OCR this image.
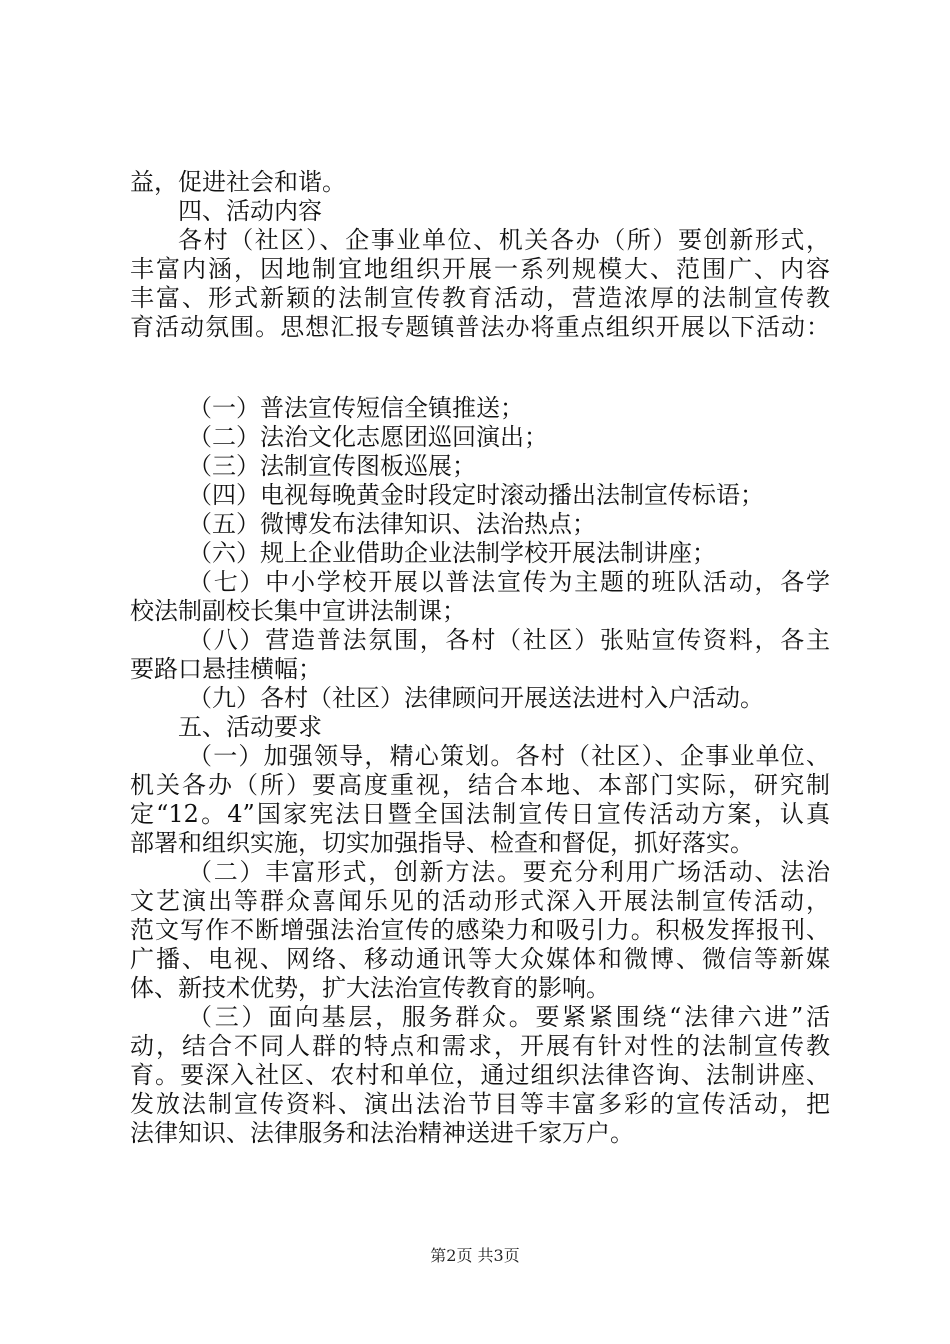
益，促进社会和谐。
四、活动内容
各村（社区）、企事业单位、机关各办（所）要创新形式，
丰富内涵，因地制宜地组织开展一系列规模大、范围广、内容
丰富、形式新颖的法制宣传教育活动，营造浓厚的法制宣传教
育活动氛围。思想汇报专题镇普法办将重点组织开展以下活动：
（一）普法宣传短信全镇推送；
（二）法治文化志愿团巡回演出；
（三）法制宣传图板巡展；
（四）电视每晚黄金时段定时滚动播出法制宣传标语；
（五）微博发布法律知识、法治热点；
（六）规上企业借助企业法制学校开展法制讲座；
（七）中小学校开展以普法宣传为主题的班队活动，各学
校法制副校长集中宣讲法制课；
（八）营造普法氛围，各村（社区）张贴宣传资料，各主
要路口悬挂横幅；
（九）各村（社区）法律顾问开展送法进村入户活动。
五、活动要求
（一）加强领导，精心策划。各村（社区）、企事业单位、
机关各办（所）要高度重视，结合本地、本部门实际，研究制
定“12。4”国家宪法日暨全国法制宣传日宣传活动方案，认真
部署和组织实施，切实加强指导、检查和督促，抓好落实。
（二）丰富形式，创新方法。要充分利用广场活动、法治
文艺演出等群众喜闻乐见的活动形式深入开展法制宣传活动，
范文写作不断增强法治宣传的感染力和吸引力。积极发挥报刊、
广播、电视、网络、移动通讯等大众媒体和微博、微信等新媒
体、新技术优势，扩大法治宣传教育的影响。
（三）面向基层，服务群众。要紧紧围绕“法律六进”活
动，结合不同人群的特点和需求，开展有针对性的法制宣传教
育。要深入社区、农村和单位，通过组织法律咨询、法制讲座、
发放法制宣传资料、演出法治节目等丰富多彩的宣传活动，把
法律知识、法律服务和法治精神送进千家万户。
第2页 共3页
